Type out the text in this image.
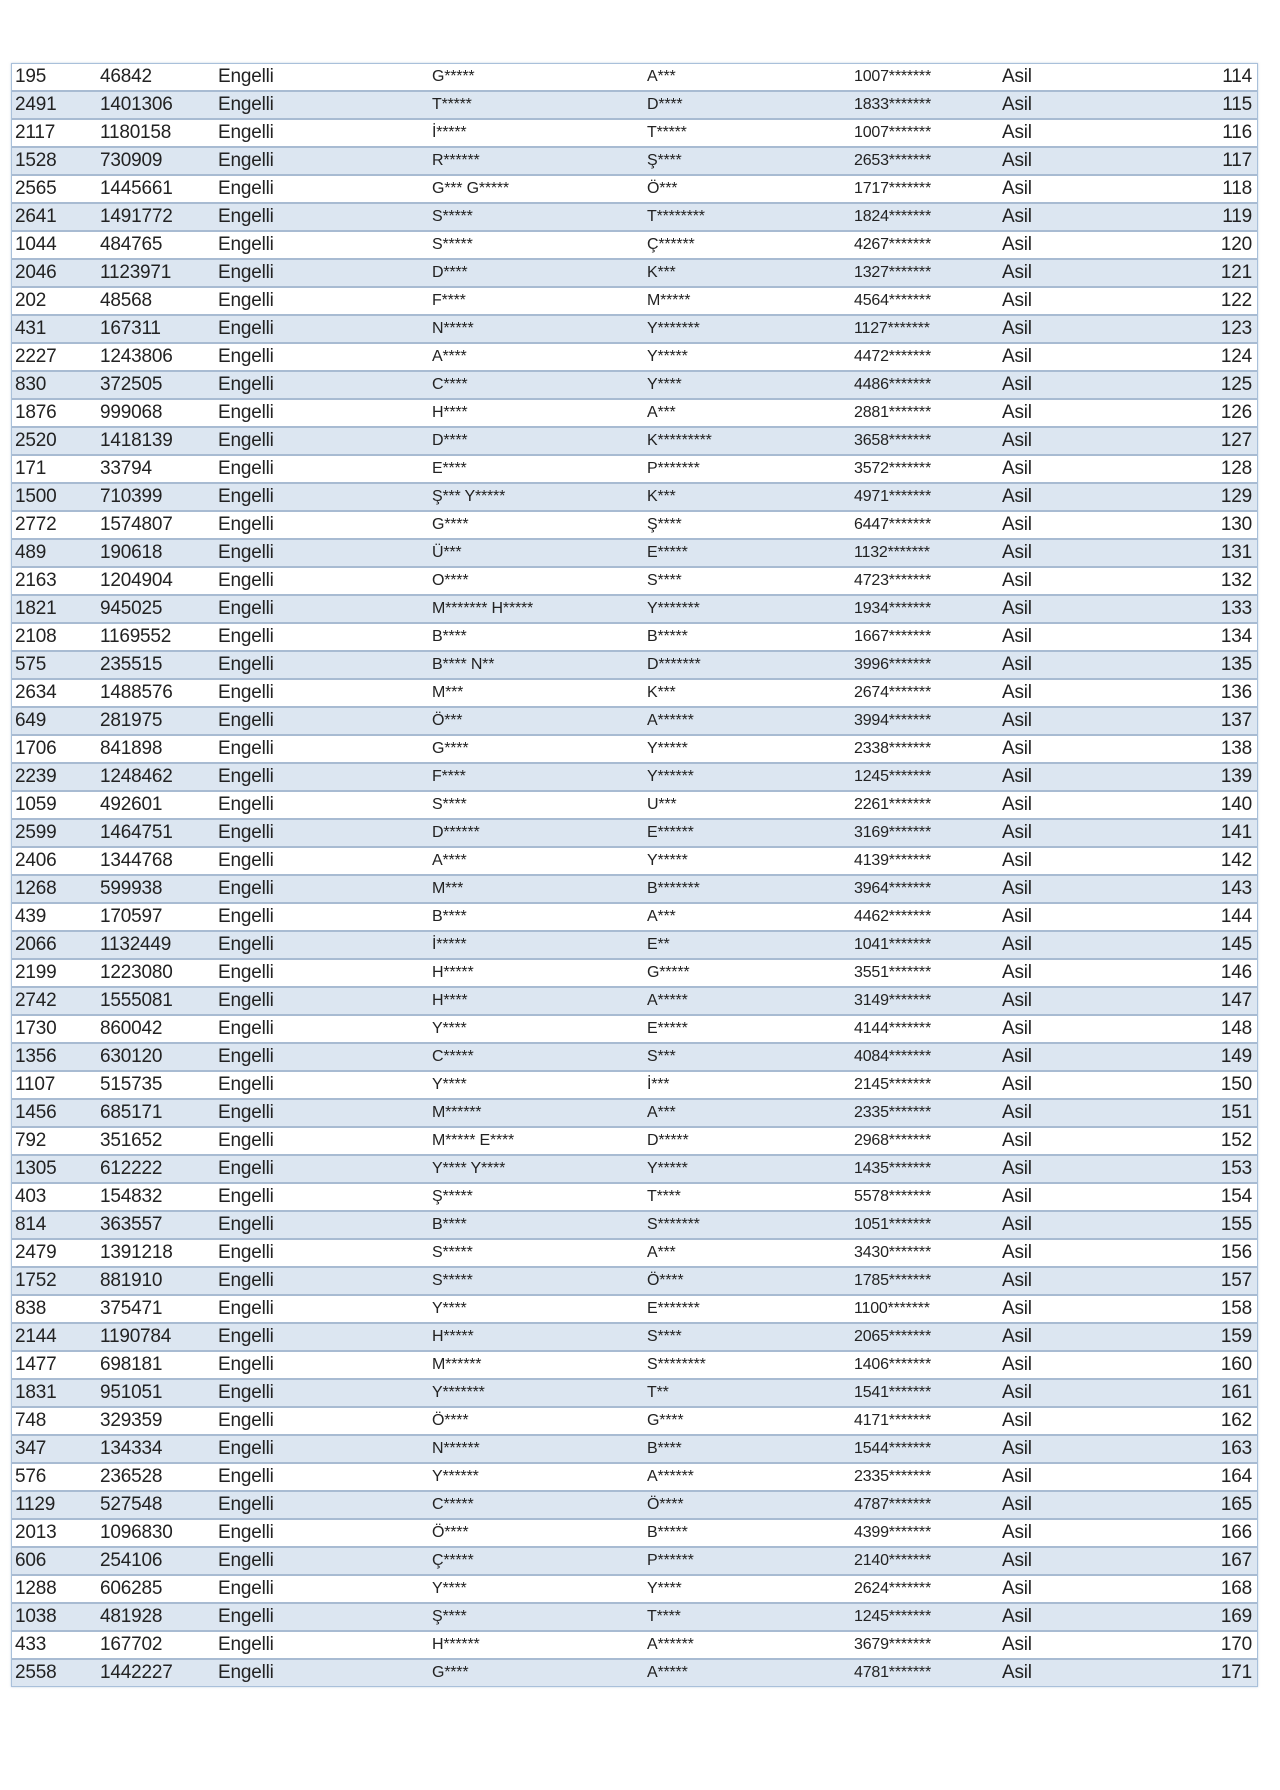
195	46842	Engelli	G*****	A***	1007*******	Asil	114
2491 1401306 Engelli	T*****	D****	1833*******	Asil	115
2117 1180158 Engelli	İ*****	T*****	1007*******	Asil	116
1528 730909	Engelli	R******	Ş****	2653*******	Asil	117
2565 1445661 Engelli	G*** G*****	Ö***	1717*******	Asil	118
2641 1491772 Engelli	S*****	T********	1824*******	Asil	119
1044 484765	Engelli	S*****	Ç******	4267*******	Asil	120
2046 1123971 Engelli	D****	K***	1327*******	Asil	121
202	48568	Engelli	F****	M*****	4564*******	Asil	122
431	167311	Engelli	N*****	Y*******	1127*******	Asil	123
2227 1243806 Engelli	A****	Y*****	4472*******	Asil	124
830	372505	Engelli	C****	Y****	4486*******	Asil	125
1876 999068	Engelli	H****	A***	2881*******	Asil	126
2520 1418139 Engelli	D****	K*********	3658*******	Asil	127
171	33794	Engelli	E****	P*******	3572*******	Asil	128
1500 710399	Engelli	Ş*** Y*****	K***	4971*******	Asil	129
2772 1574807 Engelli	G****	Ş****	6447*******	Asil	130
489	190618	Engelli	Ü***	E*****	1132*******	Asil	131
2163 1204904 Engelli	O****	S****	4723*******	Asil	132
1821 945025	Engelli	M******* H*****	Y*******	1934*******	Asil	133
2108 1169552 Engelli	B****	B*****	1667*******	Asil	134
575	235515	Engelli	B**** N**	D*******	3996*******	Asil	135
2634 1488576 Engelli	M***	K***	2674*******	Asil	136
649	281975	Engelli	Ö***	A******	3994*******	Asil	137
1706 841898	Engelli	G****	Y*****	2338*******	Asil	138
2239 1248462 Engelli	F****	Y******	1245*******	Asil	139
1059 492601	Engelli	S****	U***	2261*******	Asil	140
2599 1464751 Engelli	D******	E******	3169*******	Asil	141
2406 1344768 Engelli	A****	Y*****	4139*******	Asil	142
1268 599938	Engelli	M***	B*******	3964*******	Asil	143
439	170597	Engelli	B****	A***	4462*******	Asil	144
2066 1132449 Engelli	İ*****	E**	1041*******	Asil	145
2199 1223080 Engelli	H*****	G*****	3551*******	Asil	146
2742 1555081 Engelli	H****	A*****	3149*******	Asil	147
1730 860042	Engelli	Y****	E*****	4144*******	Asil	148
1356 630120	Engelli	C*****	S***	4084*******	Asil	149
1107 515735	Engelli	Y****	İ***	2145*******	Asil	150
1456 685171	Engelli	M******	A***	2335*******	Asil	151
792	351652	Engelli	M***** E****	D*****	2968*******	Asil	152
1305 612222	Engelli	Y**** Y****	Y*****	1435*******	Asil	153
403	154832	Engelli	Ş*****	T****	5578*******	Asil	154
814	363557	Engelli	B****	S*******	1051*******	Asil	155
2479 1391218 Engelli	S*****	A***	3430*******	Asil	156
1752 881910	Engelli	S*****	Ö****	1785*******	Asil	157
838	375471	Engelli	Y****	E*******	1100*******	Asil	158
2144 1190784 Engelli	H*****	S****	2065*******	Asil	159
1477 698181	Engelli	M******	S********	1406*******	Asil	160
1831 951051	Engelli	Y*******	T**	1541*******	Asil	161
748	329359	Engelli	Ö****	G****	4171*******	Asil	162
347	134334	Engelli	N******	B****	1544*******	Asil	163
576	236528	Engelli	Y******	A******	2335*******	Asil	164
1129 527548	Engelli	C*****	Ö****	4787*******	Asil	165
2013 1096830 Engelli	Ö****	B*****	4399*******	Asil	166
606	254106	Engelli	Ç*****	P******	2140*******	Asil	167
1288 606285	Engelli	Y****	Y****	2624*******	Asil	168
1038 481928	Engelli	Ş****	T****	1245*******	Asil	169
433	167702	Engelli	H******	A******	3679*******	Asil	170
2558 1442227 Engelli	G****	A*****	4781*******	Asil	171
